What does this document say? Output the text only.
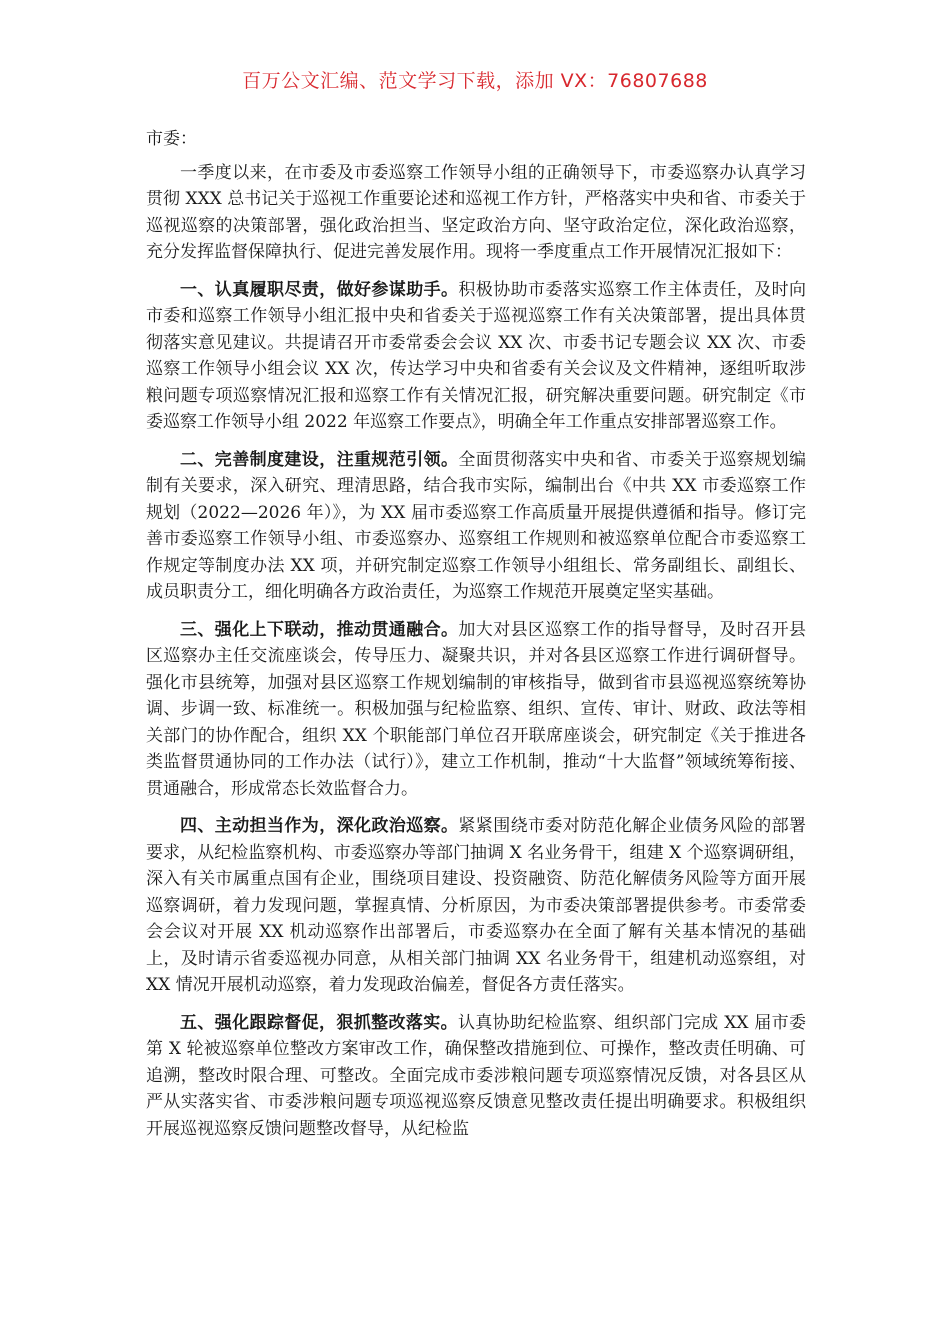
百万公文汇编、范文学习下载，添加 VX：76807688

市委：

一季度以来，在市委及市委巡察工作领导小组的正确领导下，市委巡察办认真学习贯彻 XXX 总书记关于巡视工作重要论述和巡视工作方针，严格落实中央和省、市委关于巡视巡察的决策部署，强化政治担当、坚定政治方向、坚守政治定位，深化政治巡察，充分发挥监督保障执行、促进完善发展作用。现将一季度重点工作开展情况汇报如下：

一、认真履职尽责，做好参谋助手。积极协助市委落实巡察工作主体责任，及时向市委和巡察工作领导小组汇报中央和省委关于巡视巡察工作有关决策部署，提出具体贯彻落实意见建议。共提请召开市委常委会会议 XX 次、市委书记专题会议 XX 次、市委巡察工作领导小组会议 XX 次，传达学习中央和省委有关会议及文件精神，逐组听取涉粮问题专项巡察情况汇报和巡察工作有关情况汇报，研究解决重要问题。研究制定《市委巡察工作领导小组 2022 年巡察工作要点》，明确全年工作重点安排部署巡察工作。

二、完善制度建设，注重规范引领。全面贯彻落实中央和省、市委关于巡察规划编制有关要求，深入研究、理清思路，结合我市实际，编制出台《中共 XX 市委巡察工作规划（2022—2026 年）》，为 XX 届市委巡察工作高质量开展提供遵循和指导。修订完善市委巡察工作领导小组、市委巡察办、巡察组工作规则和被巡察单位配合市委巡察工作规定等制度办法 XX 项，并研究制定巡察工作领导小组组长、常务副组长、副组长、成员职责分工，细化明确各方政治责任，为巡察工作规范开展奠定坚实基础。

三、强化上下联动，推动贯通融合。加大对县区巡察工作的指导督导，及时召开县区巡察办主任交流座谈会，传导压力、凝聚共识，并对各县区巡察工作进行调研督导。强化市县统筹，加强对县区巡察工作规划编制的审核指导，做到省市县巡视巡察统筹协调、步调一致、标准统一。积极加强与纪检监察、组织、宣传、审计、财政、政法等相关部门的协作配合，组织 XX 个职能部门单位召开联席座谈会，研究制定《关于推进各类监督贯通协同的工作办法（试行）》，建立工作机制，推动“十大监督”领域统筹衔接、贯通融合，形成常态长效监督合力。

四、主动担当作为，深化政治巡察。紧紧围绕市委对防范化解企业债务风险的部署要求，从纪检监察机构、市委巡察办等部门抽调 X 名业务骨干，组建 X 个巡察调研组，深入有关市属重点国有企业，围绕项目建设、投资融资、防范化解债务风险等方面开展巡察调研，着力发现问题，掌握真情、分析原因，为市委决策部署提供参考。市委常委会会议对开展 XX 机动巡察作出部署后，市委巡察办在全面了解有关基本情况的基础上，及时请示省委巡视办同意，从相关部门抽调 XX 名业务骨干，组建机动巡察组，对 XX 情况开展机动巡察，着力发现政治偏差，督促各方责任落实。

五、强化跟踪督促，狠抓整改落实。认真协助纪检监察、组织部门完成 XX 届市委第 X 轮被巡察单位整改方案审改工作，确保整改措施到位、可操作，整改责任明确、可追溯，整改时限合理、可整改。全面完成市委涉粮问题专项巡察情况反馈，对各县区从严从实落实省、市委涉粮问题专项巡视巡察反馈意见整改责任提出明确要求。积极组织开展巡视巡察反馈问题整改督导，从纪检监
